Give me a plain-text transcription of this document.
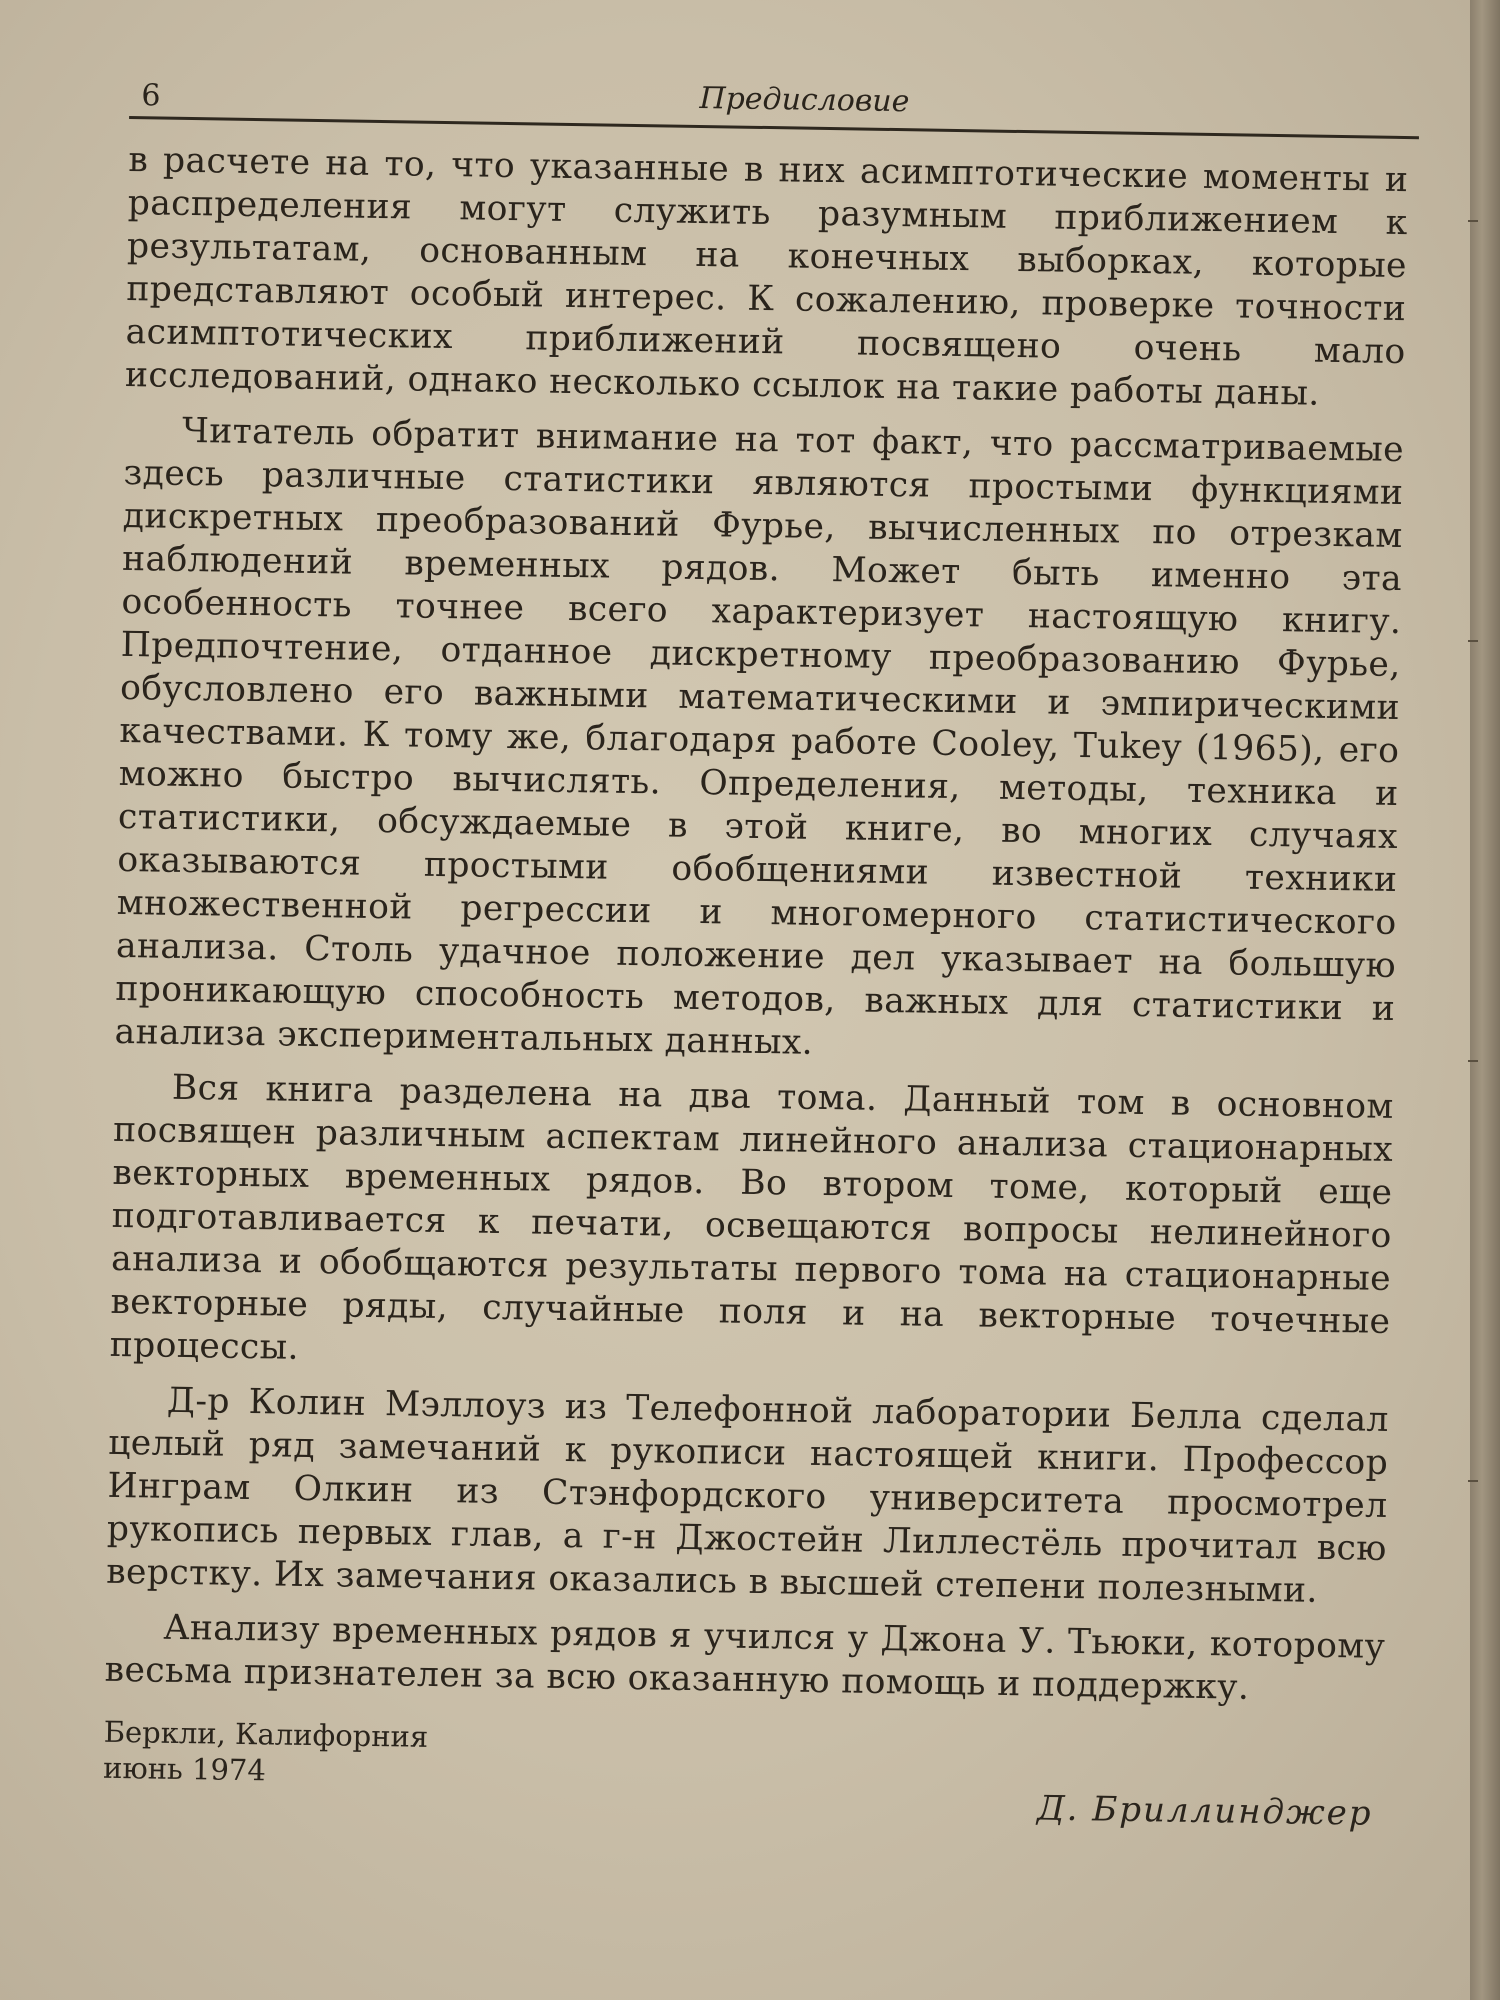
6	Предисловие

в расчете на то, что указанные в них асимптотические моменты и распределения могут служить разумным приближением к результатам, основанным на конечных выборках, которые представляют особый интерес. К сожалению, проверке точности асимптотических приближений посвящено очень мало исследований, однако несколько ссылок на такие работы даны.

Читатель обратит внимание на тот факт, что рассматриваемые здесь различные статистики являются простыми функциями дискретных преобразований Фурье, вычисленных по отрезкам наблюдений временных рядов. Может быть именно эта особенность точнее всего характеризует настоящую книгу. Предпочтение, отданное дискретному преобразованию Фурье, обусловлено его важными математическими и эмпирическими качествами. К тому же, благодаря работе Cooley, Tukey (1965), его можно быстро вычислять. Определения, методы, техника и статистики, обсуждаемые в этой книге, во многих случаях оказываются простыми обобщениями известной техники множественной регрессии и многомерного статистического анализа. Столь удачное положение дел указывает на большую проникающую способность методов, важных для статистики и анализа экспериментальных данных.

Вся книга разделена на два тома. Данный том в основном посвящен различным аспектам линейного анализа стационарных векторных временных рядов. Во втором томе, который еще подготавливается к печати, освещаются вопросы нелинейного анализа и обобщаются результаты первого тома на стационарные векторные ряды, случайные поля и на векторные точечные процессы.

Д-р Колин Мэллоуз из Телефонной лаборатории Белла сделал целый ряд замечаний к рукописи настоящей книги. Профессор Инграм Олкин из Стэнфордского университета просмотрел рукопись первых глав, а г-н Джостейн Лиллестёль прочитал всю верстку. Их замечания оказались в высшей степени полезными.

Анализу временных рядов я учился у Джона У. Тьюки, которому весьма признателен за всю оказанную помощь и поддержку.

Беркли, Калифорния
июнь 1974
Д. Бриллинджер
